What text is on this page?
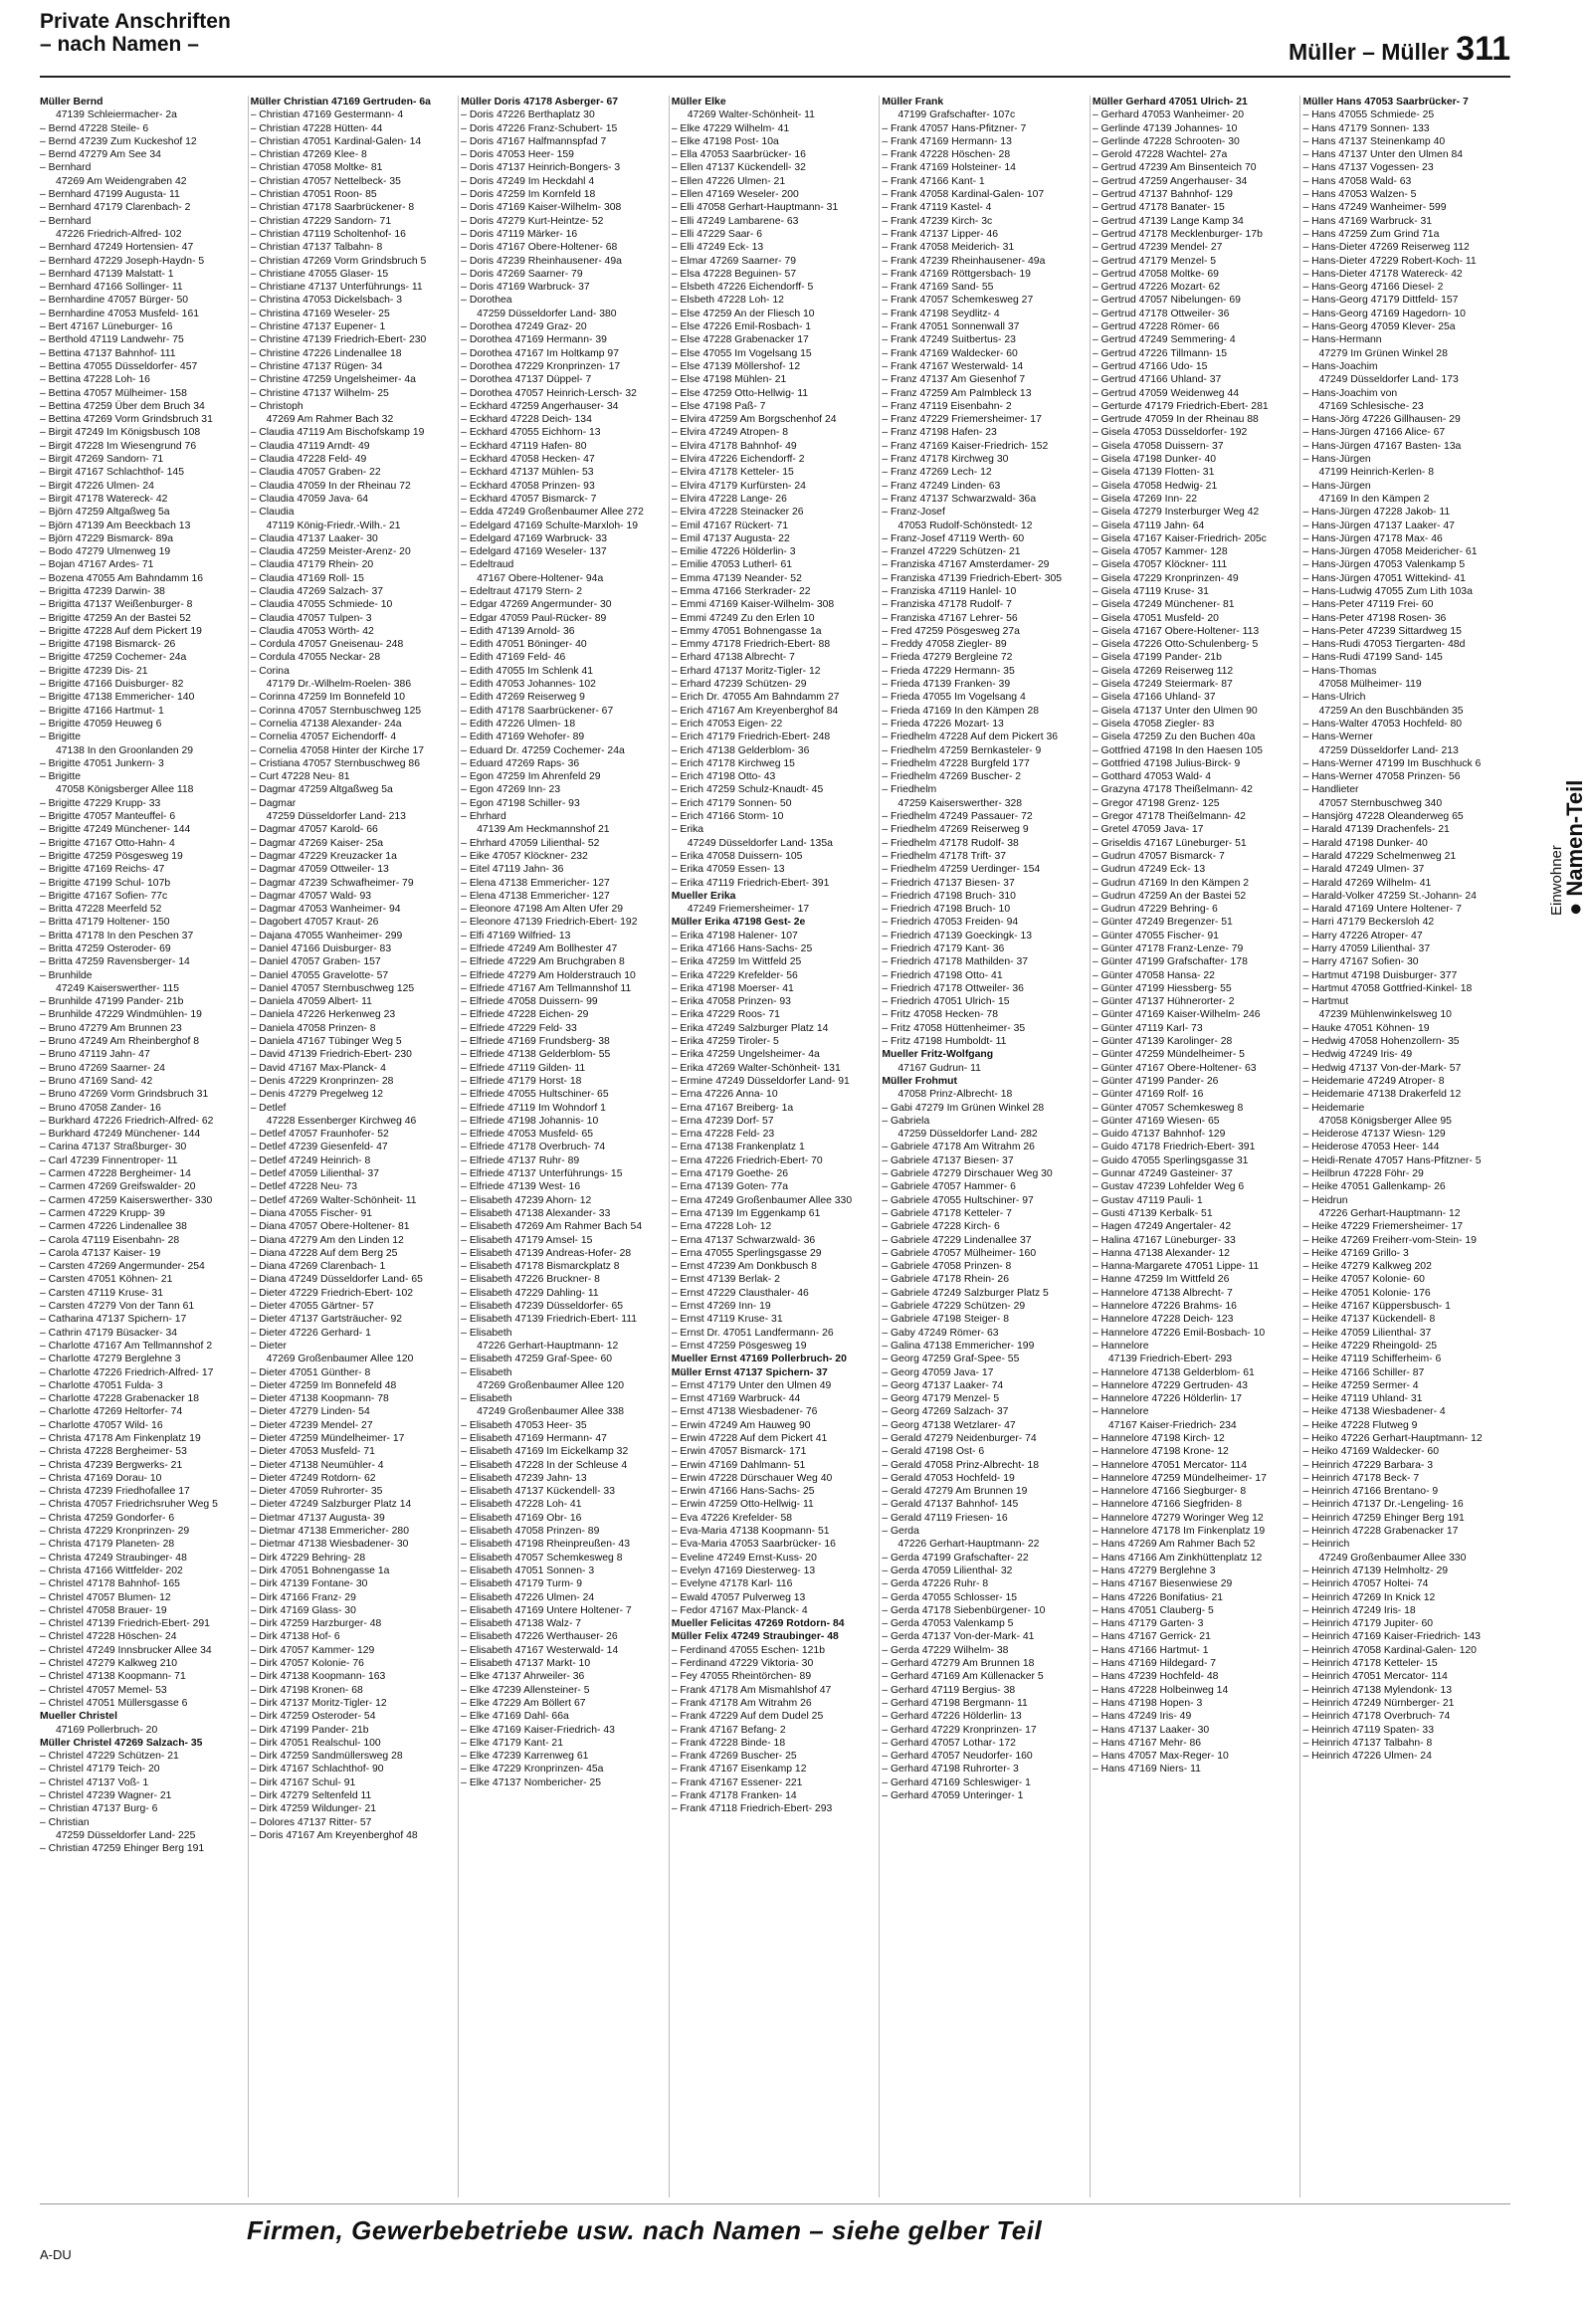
Private Anschriften
– nach Namen –	Müller – Müller 311
Müller Bernd
47139 Schleiermacher- 2a
– Bernd 47228 Steile- 6
– Bernd 47239 Zum Kuckeshof 12
– Bernd 47279 Am See 34
– Bernhard
47269 Am Weidengraben 42
– Bernhard 47199 Augusta- 11
– Bernhard 47179 Clarenbach- 2
– Bernhard
47226 Friedrich-Alfred- 102
– Bernhard 47249 Hortensien- 47
– Bernhard 47229 Joseph-Haydn- 5
– Bernhard 47139 Malstatt- 1
– Bernhard 47166 Sollinger- 11
– Bernhardine 47057 Bürger- 50
– Bernhardine 47053 Musfeld- 161
– Bert 47167 Lüneburger- 16
– Berthold 47119 Landwehr- 75
– Bettina 47137 Bahnhof- 111
– Bettina 47055 Düsseldorfer- 457
– Bettina 47228 Loh- 16
– Bettina 47057 Mülheimer- 158
– Bettina 47259 Über dem Bruch 34
– Bettina 47269 Vorm Grindsbruch 31
– Birgit 47249 Im Königsbusch 108
– Birgit 47228 Im Wiesengrund 76
– Birgit 47269 Sandorn- 71
– Birgit 47167 Schlachthof- 145
– Birgit 47226 Ulmen- 24
– Birgit 47178 Watereck- 42
– Björn 47259 Altgaßweg 5a
– Björn 47139 Am Beeckbach 13
– Björn 47229 Bismarck- 89a
– Bodo 47279 Ulmenweg 19
– Bojan 47167 Ardes- 71
– Bozena 47055 Am Bahndamm 16
– Brigitta 47239 Darwin- 38
– Brigitta 47137 Weißenburger- 8
– Brigitte 47259 An der Bastei 52
– Brigitte 47228 Auf dem Pickert 19
– Brigitte 47198 Bismarck- 26
– Brigitte 47259 Cochemer- 24a
– Brigitte 47239 Dis- 21
– Brigitte 47166 Duisburger- 82
– Brigitte 47138 Emmericher- 140
– Brigitte 47166 Hartmut- 1
– Brigitte 47059 Heuweg 6
– Brigitte
47138 In den Groonlanden 29
– Brigitte 47051 Junkern- 3
– Brigitte
47058 Königsberger Allee 118
– Brigitte 47229 Krupp- 33
– Brigitte 47057 Manteuffel- 6
– Brigitte 47249 Münchener- 144
– Brigitte 47167 Otto-Hahn- 4
– Brigitte 47259 Pösgesweg 19
– Brigitte 47169 Reichs- 47
– Brigitte 47199 Schul- 107b
– Brigitte 47167 Sofien- 77c
– Britta 47228 Meerfeld 52
– Britta 47179 Holtener- 150
– Britta 47178 In den Peschen 37
– Britta 47259 Osteroder- 69
– Britta 47259 Ravensberger- 14
– Brunhilde
47249 Kaiserswerther- 115
– Brunhilde 47199 Pander- 21b
– Brunhilde 47229 Windmühlen- 19
– Bruno 47279 Am Brunnen 23
– Bruno 47249 Am Rheinberghof 8
– Bruno 47119 Jahn- 47
– Bruno 47269 Saarner- 24
– Bruno 47169 Sand- 42
– Bruno 47269 Vorm Grindsbruch 31
– Bruno 47058 Zander- 16
– Burkhard 47226 Friedrich-Alfred- 62
– Burkhard 47249 Münchener- 144
– Carina 47137 Straßburger- 30
– Carl 47239 Finnentroper- 11
– Carmen 47228 Bergheimer- 14
– Carmen 47269 Greifswalder- 20
– Carmen 47259 Kaiserswerther- 330
– Carmen 47229 Krupp- 39
– Carmen 47226 Lindenallee 38
– Carola 47119 Eisenbahn- 28
– Carola 47137 Kaiser- 19
– Carsten 47269 Angermunder- 254
– Carsten 47051 Köhnen- 21
– Carsten 47119 Kruse- 31
– Carsten 47279 Von der Tann 61
– Catharina 47137 Spichern- 17
– Cathrin 47179 Büsacker- 34
– Charlotte 47167 Am Tellmannshof 2
– Charlotte 47279 Berglehne 3
– Charlotte 47226 Friedrich-Alfred- 17
– Charlotte 47051 Fulda- 3
– Charlotte 47228 Grabenacker 18
– Charlotte 47269 Heltorfer- 74
– Charlotte 47057 Wild- 16
– Christa 47178 Am Finkenplatz 19
– Christa 47228 Bergheimer- 53
– Christa 47239 Bergwerks- 21
– Christa 47169 Dorau- 10
– Christa 47239 Friedhofallee 17
– Christa 47057 Friedrichsruher Weg 5
– Christa 47259 Gondorfer- 6
– Christa 47229 Kronprinzen- 29
– Christa 47179 Planeten- 28
– Christa 47249 Straubinger- 48
– Christa 47166 Wittfelder- 202
– Christel 47178 Bahnhof- 165
– Christel 47057 Blumen- 12
– Christel 47058 Brauer- 19
– Christel 47139 Friedrich-Ebert- 291
– Christel 47228 Höschen- 24
– Christel 47249 Innsbrucker Allee 34
– Christel 47279 Kalkweg 210
– Christel 47138 Koopmann- 71
– Christel 47057 Memel- 53
– Christel 47051 Müllersgasse 6
Mueller Christel
47169 Pollerbruch- 20
Müller Christel 47269 Salzach- 35
– Christel 47229 Schützen- 21
– Christel 47179 Teich- 20
– Christel 47137 Voß- 1
– Christel 47239 Wagner- 21
– Christian 47137 Burg- 6
– Christian
47259 Düsseldorfer Land- 225
– Christian 47259 Ehinger Berg 191
Müller Christian 47169 Gertruden- 6a
– Christian 47169 Gestermann- 4
– Christian 47228 Hütten- 44
– Christian 47051 Kardinal-Galen- 14
– Christian 47269 Klee- 8
– Christian 47058 Moltke- 81
– Christian 47057 Nettelbeck- 35
– Christian 47051 Roon- 85
– Christian 47178 Saarbrückener- 8
– Christian 47229 Sandorn- 71
– Christian 47119 Scholtenhof- 16
– Christian 47137 Talbahn- 8
– Christian 47269 Vorm Grindsbruch 5
– Christiane 47055 Glaser- 15
– Christiane 47137 Unterführungs- 11
– Christina 47053 Dickelsbach- 3
– Christina 47169 Weseler- 25
– Christine 47137 Eupener- 1
– Christine 47139 Friedrich-Ebert- 230
– Christine 47226 Lindenallee 18
– Christine 47137 Rügen- 34
– Christine 47259 Ungelsheimer- 4a
– Christine 47137 Wilhelm- 25
– Christoph
47269 Am Rahmer Bach 32
– Claudia 47119 Am Bischofskamp 19
– Claudia 47119 Arndt- 49
– Claudia 47228 Feld- 49
– Claudia 47057 Graben- 22
– Claudia 47059 In der Rheinau 72
– Claudia 47059 Java- 64
– Claudia
47119 König-Friedr.-Wilh.- 21
– Claudia 47137 Laaker- 30
– Claudia 47259 Meister-Arenz- 20
– Claudia 47179 Rhein- 20
– Claudia 47169 Roll- 15
– Claudia 47269 Salzach- 37
– Claudia 47055 Schmiede- 10
– Claudia 47057 Tulpen- 3
– Claudia 47053 Wörth- 42
– Cordula 47057 Gneisenau- 248
– Cordula 47055 Neckar- 28
– Corina
47179 Dr.-Wilhelm-Roelen- 386
– Corinna 47259 Im Bonnefeld 10
– Corinna 47057 Sternbuschweg 125
– Cornelia 47138 Alexander- 24a
– Cornelia 47057 Eichendorff- 4
– Cornelia 47058 Hinter der Kirche 17
– Cristiana 47057 Sternbuschweg 86
– Curt 47228 Neu- 81
– Dagmar 47259 Altgaßweg 5a
– Dagmar
47259 Düsseldorfer Land- 213
– Dagmar 47057 Karold- 66
– Dagmar 47269 Kaiser- 25a
– Dagmar 47229 Kreuzacker 1a
– Dagmar 47059 Ottweiler- 13
– Dagmar 47239 Schwafheimer- 79
– Dagmar 47057 Wald- 93
– Dagmar 47053 Wanheimer- 94
– Dagobert 47057 Kraut- 26
– Dajana 47055 Wanheimer- 299
– Daniel 47166 Duisburger- 83
– Daniel 47057 Graben- 157
– Daniel 47055 Gravelotte- 57
– Daniel 47057 Sternbuschweg 125
– Daniela 47059 Albert- 11
– Daniela 47226 Herkenweg 23
– Daniela 47058 Prinzen- 8
– Daniela 47167 Tübinger Weg 5
– David 47139 Friedrich-Ebert- 230
– David 47167 Max-Planck- 4
– Denis 47229 Kronprinzen- 28
– Denis 47279 Pregelweg 12
– Detlef
47228 Essenberger Kirchweg 46
– Detlef 47057 Fraunhofer- 52
– Detlef 47239 Giesenfeld- 47
– Detlef 47249 Heinrich- 8
– Detlef 47059 Lilienthal- 37
– Detlef 47228 Neu- 73
– Detlef 47269 Walter-Schönheit- 11
– Diana 47055 Fischer- 91
– Diana 47057 Obere-Holtener- 81
– Diana 47279 Am den Linden 12
– Diana 47228 Auf dem Berg 25
– Diana 47269 Clarenbach- 1
– Diana 47249 Düsseldorfer Land- 65
– Dieter 47229 Friedrich-Ebert- 102
– Dieter 47055 Gärtner- 57
– Dieter 47137 Gartsträucher- 92
– Dieter 47226 Gerhard- 1
– Dieter
47269 Großenbaumer Allee 120
– Dieter 47051 Günther- 8
– Dieter 47259 Im Bonnefeld 48
– Dieter 47138 Koopmann- 78
– Dieter 47279 Linden- 54
– Dieter 47239 Mendel- 27
– Dieter 47259 Mündelheimer- 17
– Dieter 47053 Musfeld- 71
– Dieter 47138 Neumühler- 4
– Dieter 47249 Rotdorn- 62
– Dieter 47059 Ruhrorter- 35
– Dieter 47249 Salzburger Platz 14
– Dietmar 47137 Augusta- 39
– Dietmar 47138 Emmericher- 280
– Dietmar 47138 Wiesbadener- 30
– Dirk 47229 Behring- 28
– Dirk 47051 Bohnengasse 1a
– Dirk 47139 Fontane- 30
– Dirk 47166 Franz- 29
– Dirk 47169 Glass- 30
– Dirk 47259 Harzburger- 48
– Dirk 47138 Hof- 6
– Dirk 47057 Kammer- 129
– Dirk 47057 Kolonie- 76
– Dirk 47138 Koopmann- 163
– Dirk 47198 Kronen- 68
– Dirk 47137 Moritz-Tigler- 12
– Dirk 47259 Osteroder- 54
– Dirk 47199 Pander- 21b
– Dirk 47051 Realschul- 100
– Dirk 47259 Sandmüllersweg 28
– Dirk 47167 Schlachthof- 90
– Dirk 47167 Schul- 91
– Dirk 47279 Seltenfeld 11
– Dirk 47259 Wildunger- 21
– Dolores 47137 Ritter- 57
– Doris 47167 Am Kreyenberghof 48
Müller Doris 47178 Asberger- 67
– Doris 47226 Berthaplatz 30
– Doris 47226 Franz-Schubert- 15
– Doris 47167 Halfmannspfad 7
– Doris 47053 Heer- 159
– Doris 47137 Heinrich-Bongers- 3
– Doris 47249 Im Heckdahl 4
– Doris 47259 Im Kornfeld 18
– Doris 47169 Kaiser-Wilhelm- 308
– Doris 47279 Kurt-Heintze- 52
– Doris 47119 Märker- 16
– Doris 47167 Obere-Holtener- 68
– Doris 47239 Rheinhausener- 49a
– Doris 47269 Saarner- 79
– Doris 47169 Warbruck- 37
– Dorothea
47259 Düsseldorfer Land- 380
– Dorothea 47249 Graz- 20
– Dorothea 47169 Hermann- 39
– Dorothea 47167 Im Holtkamp 97
– Dorothea 47229 Kronprinzen- 17
– Dorothea 47137 Düppel- 7
– Dorothea 47057 Heinrich-Lersch- 32
– Eckhard 47259 Angerhauser- 34
– Eckhard 47228 Deich- 134
– Eckhard 47055 Eichhorn- 13
– Eckhard 47119 Hafen- 80
– Eckhard 47058 Hecken- 47
– Eckhard 47137 Mühlen- 53
– Eckhard 47058 Prinzen- 93
– Eckhard 47057 Bismarck- 7
– Edda 47249 Großenbaumer Allee 272
– Edelgard 47169 Schulte-Marxloh- 19
– Edelgard 47169 Warbruck- 33
– Edelgard 47169 Weseler- 137
– Edeltraud
47167 Obere-Holtener- 94a
– Edeltraut 47179 Stern- 2
– Edgar 47269 Angermunder- 30
– Edgar 47059 Paul-Rücker- 89
– Edith 47139 Arnold- 36
– Edith 47051 Böninger- 40
– Edith 47169 Feld- 46
– Edith 47055 Im Schlenk 41
– Edith 47053 Johannes- 102
– Edith 47269 Reiserweg 9
– Edith 47178 Saarbrückener- 67
– Edith 47226 Ulmen- 18
– Edith 47169 Wehofer- 89
– Eduard Dr. 47259 Cochemer- 24a
– Eduard 47269 Raps- 36
– Egon 47259 Im Ahrenfeld 29
– Egon 47269 Inn- 23
– Egon 47198 Schiller- 93
– Ehrhard
47139 Am Heckmannshof 21
– Ehrhard 47059 Lilienthal- 52
– Eike 47057 Klöckner- 232
– Eitel 47119 Jahn- 36
– Elena 47138 Emmericher- 127
– Elena 47138 Emmericher- 127
– Eleonore 47198 Am Alten Ufer 29
– Eleonore 47139 Friedrich-Ebert- 192
– Elfi 47169 Wilfried- 13
– Elfriede 47249 Am Bollhester 47
– Elfriede 47229 Am Bruchgraben 8
– Elfriede 47279 Am Holderstrauch 10
– Elfriede 47167 Am Tellmannshof 11
– Elfriede 47058 Duissern- 99
– Elfriede 47228 Eichen- 29
– Elfriede 47229 Feld- 33
– Elfriede 47169 Frundsberg- 38
– Elfriede 47138 Gelderblom- 55
– Elfriede 47119 Gilden- 11
– Elfriede 47179 Horst- 18
– Elfriede 47055 Hultschiner- 65
– Elfriede 47119 Im Wohndorf 1
– Elfriede 47198 Johannis- 10
– Elfriede 47053 Musfeld- 65
– Elfriede 47178 Overbruch- 74
– Elfriede 47137 Ruhr- 89
– Elfriede 47137 Unterführungs- 15
– Elfriede 47139 West- 16
– Elisabeth 47239 Ahorn- 12
– Elisabeth 47138 Alexander- 33
– Elisabeth 47269 Am Rahmer Bach 54
– Elisabeth 47179 Amsel- 15
– Elisabeth 47139 Andreas-Hofer- 28
– Elisabeth 47178 Bismarckplatz 8
– Elisabeth 47226 Bruckner- 8
– Elisabeth 47229 Dahling- 11
– Elisabeth 47239 Düsseldorfer- 65
– Elisabeth 47139 Friedrich-Ebert- 111
– Elisabeth
47226 Gerhart-Hauptmann- 12
– Elisabeth 47259 Graf-Spee- 60
– Elisabeth
47269 Großenbaumer Allee 120
– Elisabeth
47249 Großenbaumer Allee 338
– Elisabeth 47053 Heer- 35
– Elisabeth 47169 Hermann- 47
– Elisabeth 47169 Im Eickelkamp 32
– Elisabeth 47228 In der Schleuse 4
– Elisabeth 47239 Jahn- 13
– Elisabeth 47137 Kückendell- 33
– Elisabeth 47228 Loh- 41
– Elisabeth 47169 Obr- 16
– Elisabeth 47058 Prinzen- 89
– Elisabeth 47198 Rheinpreußen- 43
– Elisabeth 47057 Schemkesweg 8
– Elisabeth 47051 Sonnen- 3
– Elisabeth 47179 Turm- 9
– Elisabeth 47226 Ulmen- 24
– Elisabeth 47169 Untere Holtener- 7
– Elisabeth 47138 Walz- 7
– Elisabeth 47226 Werthauser- 26
– Elisabeth 47167 Westerwald- 14
– Elisabeth 47137 Markt- 10
– Elke 47137 Ahrweiler- 36
– Elke 47239 Allensteiner- 5
– Elke 47229 Am Böllert 67
– Elke 47169 Dahl- 66a
– Elke 47169 Kaiser-Friedrich- 43
– Elke 47179 Kant- 21
– Elke 47239 Karrenweg 61
– Elke 47229 Kronprinzen- 45a
– Elke 47137 Nombericher- 25
Müller Elke
47269 Walter-Schönheit- 11
– Elke 47229 Wilhelm- 41
– Elke 47198 Post- 10a
– Ella 47053 Saarbrücker- 16
– Ellen 47137 Kückendell- 32
– Ellen 47226 Ulmen- 21
– Ellen 47169 Weseler- 200
– Elli 47058 Gerhart-Hauptmann- 31
– Elli 47249 Lambarene- 63
– Elli 47229 Saar- 6
– Elli 47249 Eck- 13
– Elmar 47269 Saarner- 79
– Elsa 47228 Beguinen- 57
– Elsbeth 47226 Eichendorff- 5
– Elsbeth 47228 Loh- 12
– Else 47259 An der Fliesch 10
– Else 47226 Emil-Rosbach- 1
– Else 47228 Grabenacker 17
– Else 47055 Im Vogelsang 15
– Else 47139 Möllershof- 12
– Else 47198 Mühlen- 21
– Else 47259 Otto-Hellwig- 11
– Else 47198 Paß- 7
– Elvira 47259 Am Borgschenhof 24
– Elvira 47249 Atropen- 8
– Elvira 47178 Bahnhof- 49
– Elvira 47226 Eichendorff- 2
– Elvira 47178 Ketteler- 15
– Elvira 47179 Kurfürsten- 24
– Elvira 47228 Lange- 26
– Elvira 47228 Steinacker 26
– Emil 47167 Rückert- 71
– Emil 47137 Augusta- 22
– Emilie 47226 Hölderlin- 3
– Emilie 47053 Lutherl- 61
– Emma 47139 Neander- 52
– Emma 47166 Sterkrader- 22
– Emmi 47169 Kaiser-Wilhelm- 308
– Emmi 47249 Zu den Erlen 10
– Emmy 47051 Bohnengasse 1a
– Emmy 47178 Friedrich-Ebert- 88
– Erhard 47138 Albrecht- 7
– Erhard 47137 Moritz-Tigler- 12
– Erhard 47239 Schützen- 29
– Erich Dr. 47055 Am Bahndamm 27
– Erich 47167 Am Kreyenberghof 84
– Erich 47053 Eigen- 22
– Erich 47179 Friedrich-Ebert- 248
– Erich 47138 Gelderblom- 36
– Erich 47178 Kirchweg 15
– Erich 47198 Otto- 43
– Erich 47259 Schulz-Knaudt- 45
– Erich 47179 Sonnen- 50
– Erich 47166 Storm- 10
– Erika
47249 Düsseldorfer Land- 135a
– Erika 47058 Duissern- 105
– Erika 47059 Essen- 13
– Erika 47119 Friedrich-Ebert- 391
Mueller Erika
47249 Friemersheimer- 17
Müller Erika 47198 Gest- 2e
– Erika 47198 Halener- 107
– Erika 47166 Hans-Sachs- 25
– Erika 47259 Im Wittfeld 25
– Erika 47229 Krefelder- 56
– Erika 47198 Moerser- 41
– Erika 47058 Prinzen- 93
– Erika 47229 Roos- 71
– Erika 47249 Salzburger Platz 14
– Erika 47259 Tiroler- 5
– Erika 47259 Ungelsheimer- 4a
– Erika 47269 Walter-Schönheit- 131
– Ermine 47249 Düsseldorfer Land- 91
– Erna 47226 Anna- 10
– Erna 47167 Breiberg- 1a
– Erna 47239 Dorf- 57
– Erna 47228 Feld- 23
– Erna 47138 Frankenplatz 1
– Erna 47226 Friedrich-Ebert- 70
– Erna 47179 Goethe- 26
– Erna 47139 Goten- 77a
– Erna 47249 Großenbaumer Allee 330
– Erna 47139 Im Eggenkamp 61
– Erna 47228 Loh- 12
– Erna 47137 Schwarzwald- 36
– Erna 47055 Sperlingsgasse 29
– Ernst 47239 Am Donkbusch 8
– Ernst 47139 Berlak- 2
– Ernst 47229 Clausthaler- 46
– Ernst 47269 Inn- 19
– Ernst 47119 Kruse- 31
– Ernst Dr. 47051 Landfermann- 26
– Ernst 47259 Pösgesweg 19
Mueller Ernst 47169 Pollerbruch- 20
Müller Ernst 47137 Spichern- 37
– Ernst 47179 Unter den Ulmen 49
– Ernst 47169 Warbruck- 44
– Ernst 47138 Wiesbadener- 76
– Erwin 47249 Am Hauweg 90
– Erwin 47228 Auf dem Pickert 41
– Erwin 47057 Bismarck- 171
– Erwin 47169 Dahlmann- 51
– Erwin 47228 Dürschauer Weg 40
– Erwin 47166 Hans-Sachs- 25
– Erwin 47259 Otto-Hellwig- 11
– Eva 47226 Krefelder- 58
– Eva-Maria 47138 Koopmann- 51
– Eva-Maria 47053 Saarbrücker- 16
– Eveline 47249 Ernst-Kuss- 20
– Evelyn 47169 Diesterweg- 13
– Evelyne 47178 Karl- 116
– Ewald 47057 Pulverweg 13
– Fedor 47167 Max-Planck- 4
Mueller Felicitas 47269 Rotdorn- 84
Müller Felix 47249 Straubinger- 48
– Ferdinand 47055 Eschen- 121b
– Ferdinand 47229 Viktoria- 30
– Fey 47055 Rheintörchen- 89
– Frank 47178 Am Mismahlshof 47
– Frank 47178 Am Witrahm 26
– Frank 47229 Auf dem Dudel 25
– Frank 47167 Befang- 2
– Frank 47228 Binde- 18
– Frank 47269 Buscher- 25
– Frank 47167 Eisenkamp 12
– Frank 47167 Essener- 221
– Frank 47178 Franken- 14
– Frank 47118 Friedrich-Ebert- 293
Müller Frank
47199 Grafschafter- 107c
– Frank 47057 Hans-Pfitzner- 7
– Frank 47169 Hermann- 13
– Frank 47228 Höschen- 28
– Frank 47169 Holsteiner- 14
– Frank 47166 Kant- 1
– Frank 47058 Kardinal-Galen- 107
– Frank 47119 Kastel- 4
– Frank 47239 Kirch- 3c
– Frank 47137 Lipper- 46
– Frank 47058 Meiderich- 31
– Frank 47239 Rheinhausener- 49a
– Frank 47169 Röttgersbach- 19
– Frank 47169 Sand- 55
– Frank 47057 Schemkesweg 27
– Frank 47198 Seydlitz- 4
– Frank 47051 Sonnenwall 37
– Frank 47249 Suitbertus- 23
– Frank 47169 Waldecker- 60
– Frank 47167 Westerwald- 14
– Franz 47137 Am Giesenhof 7
– Franz 47259 Am Palmbleck 13
– Franz 47119 Eisenbahn- 2
– Franz 47229 Friemersheimer- 17
– Franz 47198 Hafen- 23
– Franz 47169 Kaiser-Friedrich- 152
– Franz 47178 Kirchweg 30
– Franz 47269 Lech- 12
– Franz 47249 Linden- 63
– Franz 47137 Schwarzwald- 36a
– Franz-Josef
47053 Rudolf-Schönstedt- 12
– Franz-Josef 47119 Werth- 60
– Franzel 47229 Schützen- 21
– Franziska 47167 Amsterdamer- 29
– Franziska 47139 Friedrich-Ebert- 305
– Franziska 47119 Hanlel- 10
– Franziska 47178 Rudolf- 7
– Franziska 47167 Lehrer- 56
– Fred 47259 Pösgesweg 27a
– Freddy 47058 Ziegler- 89
– Frieda 47279 Bergleine 72
– Frieda 47229 Hermann- 35
– Frieda 47139 Franken- 39
– Frieda 47055 Im Vogelsang 4
– Frieda 47169 In den Kämpen 28
– Frieda 47226 Mozart- 13
– Friedhelm 47228 Auf dem Pickert 36
– Friedhelm 47259 Bernkasteler- 9
– Friedhelm 47228 Burgfeld 177
– Friedhelm 47269 Buscher- 2
– Friedhelm
47259 Kaiserswerther- 328
– Friedhelm 47249 Passauer- 72
– Friedhelm 47269 Reiserweg 9
– Friedhelm 47178 Rudolf- 38
– Friedhelm 47178 Trift- 37
– Friedhelm 47259 Uerdinger- 154
– Friedrich 47137 Biesen- 37
– Friedrich 47198 Bruch- 310
– Friedrich 47198 Bruch- 10
– Friedrich 47053 Freiden- 94
– Friedrich 47139 Goeckingk- 13
– Friedrich 47179 Kant- 36
– Friedrich 47178 Mathilden- 37
– Friedrich 47198 Otto- 41
– Friedrich 47178 Ottweiler- 36
– Friedrich 47051 Ulrich- 15
– Fritz 47058 Hecken- 78
– Fritz 47058 Hüttenheimer- 35
– Fritz 47198 Humboldt- 11
Mueller Fritz-Wolfgang
47167 Gudrun- 11
Müller Frohmut
47058 Prinz-Albrecht- 18
– Gabi 47279 Im Grünen Winkel 28
– Gabriela
47259 Düsseldorfer Land- 282
– Gabriele 47178 Am Witrahm 26
– Gabriele 47137 Biesen- 37
– Gabriele 47279 Dirschauer Weg 30
– Gabriele 47057 Hammer- 6
– Gabriele 47055 Hultschiner- 97
– Gabriele 47178 Ketteler- 7
– Gabriele 47228 Kirch- 6
– Gabriele 47229 Lindenallee 37
– Gabriele 47057 Mülheimer- 160
– Gabriele 47058 Prinzen- 8
– Gabriele 47178 Rhein- 26
– Gabriele 47249 Salzburger Platz 5
– Gabriele 47229 Schützen- 29
– Gabriele 47198 Steiger- 8
– Gaby 47249 Römer- 63
– Galina 47138 Emmericher- 199
– Georg 47259 Graf-Spee- 55
– Georg 47059 Java- 17
– Georg 47137 Laaker- 74
– Georg 47179 Menzel- 5
– Georg 47269 Salzach- 37
– Georg 47138 Wetzlarer- 47
– Gerald 47279 Neidenburger- 74
– Gerald 47198 Ost- 6
– Gerald 47058 Prinz-Albrecht- 18
– Gerald 47053 Hochfeld- 19
– Gerald 47279 Am Brunnen 19
– Gerald 47137 Bahnhof- 145
– Gerald 47119 Friesen- 16
– Gerda
47226 Gerhart-Hauptmann- 22
– Gerda 47199 Grafschafter- 22
– Gerda 47059 Lilienthal- 32
– Gerda 47226 Ruhr- 8
– Gerda 47055 Schlosser- 15
– Gerda 47178 Siebenbürgener- 10
– Gerda 47053 Valenkamp 5
– Gerda 47137 Von-der-Mark- 41
– Gerda 47229 Wilhelm- 38
– Gerhard 47279 Am Brunnen 18
– Gerhard 47169 Am Küllenacker 5
– Gerhard 47119 Bergius- 38
– Gerhard 47198 Bergmann- 11
– Gerhard 47226 Hölderlin- 13
– Gerhard 47229 Kronprinzen- 17
– Gerhard 47057 Lothar- 172
– Gerhard 47057 Neudorfer- 160
– Gerhard 47198 Ruhrorter- 3
– Gerhard 47169 Schleswiger- 1
– Gerhard 47059 Unteringer- 1
Müller Gerhard 47051 Ulrich- 21
– Gerhard 47053 Wanheimer- 20
– Gerlinde 47139 Johannes- 10
– Gerlinde 47228 Schrooten- 30
– Gerold 47228 Wachtel- 27a
– Gertrud 47239 Am Binsenteich 70
– Gertrud 47259 Angerhauser- 34
– Gertrud 47137 Bahnhof- 129
– Gertrud 47178 Banater- 15
– Gertrud 47139 Lange Kamp 34
– Gertrud 47178 Mecklenburger- 17b
– Gertrud 47239 Mendel- 27
– Gertrud 47179 Menzel- 5
– Gertrud 47058 Moltke- 69
– Gertrud 47226 Mozart- 62
– Gertrud 47057 Nibelungen- 69
– Gertrud 47178 Ottweiler- 36
– Gertrud 47228 Römer- 66
– Gertrud 47249 Semmering- 4
– Gertrud 47226 Tillmann- 15
– Gertrud 47166 Udo- 15
– Gertrud 47166 Uhland- 37
– Gertrud 47059 Weidenweg 44
– Gerturde 47179 Friedrich-Ebert- 281
– Gertrude 47059 In der Rheinau 88
– Gisela 47053 Düsseldorfer- 192
– Gisela 47058 Duissern- 37
– Gisela 47198 Dunker- 40
– Gisela 47139 Flotten- 31
– Gisela 47058 Hedwig- 21
– Gisela 47269 Inn- 22
– Gisela 47279 Insterburger Weg 42
– Gisela 47119 Jahn- 64
– Gisela 47167 Kaiser-Friedrich- 205c
– Gisela 47057 Kammer- 128
– Gisela 47057 Klöckner- 111
– Gisela 47229 Kronprinzen- 49
– Gisela 47119 Kruse- 31
– Gisela 47249 Münchener- 81
– Gisela 47051 Musfeld- 20
– Gisela 47167 Obere-Holtener- 113
– Gisela 47226 Otto-Schulenberg- 5
– Gisela 47199 Pander- 21b
– Gisela 47269 Reiserweg 112
– Gisela 47249 Steiermark- 87
– Gisela 47166 Uhland- 37
– Gisela 47137 Unter den Ulmen 90
– Gisela 47058 Ziegler- 83
– Gisela 47259 Zu den Buchen 40a
– Gottfried 47198 In den Haesen 105
– Gottfried 47198 Julius-Birck- 9
– Gotthard 47053 Wald- 4
– Grazyna 47178 Theißelmann- 42
– Gregor 47198 Grenz- 125
– Gregor 47178 Theißelmann- 42
– Gretel 47059 Java- 17
– Griseldis 47167 Lüneburger- 51
– Gudrun 47057 Bismarck- 7
– Gudrun 47249 Eck- 13
– Gudrun 47169 In den Kämpen 2
– Gudrun 47259 An der Bastei 52
– Gudrun 47229 Behring- 6
– Günter 47249 Bregenzer- 51
– Günter 47055 Fischer- 91
– Günter 47178 Franz-Lenze- 79
– Günter 47199 Grafschafter- 178
– Günter 47058 Hansa- 22
– Günter 47199 Hiessberg- 55
– Günter 47137 Hühnerorter- 2
– Günter 47169 Kaiser-Wilhelm- 246
– Günter 47119 Karl- 73
– Günter 47139 Karolinger- 28
– Günter 47259 Mündelheimer- 5
– Günter 47167 Obere-Holtener- 63
– Günter 47199 Pander- 26
– Günter 47169 Rolf- 16
– Günter 47057 Schemkesweg 8
– Günter 47169 Wiesen- 65
– Guido 47137 Bahnhof- 129
– Guido 47178 Friedrich-Ebert- 391
– Guido 47055 Sperlingsgasse 31
– Gunnar 47249 Gasteiner- 37
– Gustav 47239 Lohfelder Weg 6
– Gustav 47119 Pauli- 1
– Gusti 47139 Kerbalk- 51
– Hagen 47249 Angertaler- 42
– Halina 47167 Lüneburger- 33
– Hanna 47138 Alexander- 12
– Hanna-Margarete 47051 Lippe- 11
– Hanne 47259 Im Wittfeld 26
– Hannelore 47138 Albrecht- 7
– Hannelore 47226 Brahms- 16
– Hannelore 47228 Deich- 123
– Hannelore 47226 Emil-Bosbach- 10
– Hannelore
47139 Friedrich-Ebert- 293
– Hannelore 47138 Gelderblom- 61
– Hannelore 47229 Gertruden- 43
– Hannelore 47226 Hölderlin- 17
– Hannelore
47167 Kaiser-Friedrich- 234
– Hannelore 47198 Kirch- 12
– Hannelore 47198 Krone- 12
– Hannelore 47051 Mercator- 114
– Hannelore 47259 Mündelheimer- 17
– Hannelore 47166 Siegburger- 8
– Hannelore 47166 Siegfriden- 8
– Hannelore 47279 Woringer Weg 12
– Hannelore 47178 Im Finkenplatz 19
– Hans 47269 Am Rahmer Bach 52
– Hans 47166 Am Zinkhüttenplatz 12
– Hans 47279 Berglehne 3
– Hans 47167 Biesenwiese 29
– Hans 47226 Bonifatius- 21
– Hans 47051 Clauberg- 5
– Hans 47179 Garten- 3
– Hans 47167 Gerrick- 21
– Hans 47166 Hartmut- 1
– Hans 47169 Hildegard- 7
– Hans 47239 Hochfeld- 48
– Hans 47228 Holbeinweg 14
– Hans 47198 Hopen- 3
– Hans 47249 Iris- 49
– Hans 47137 Laaker- 30
– Hans 47167 Mehr- 86
– Hans 47057 Max-Reger- 10
– Hans 47169 Niers- 11
Müller Hans 47053 Saarbrücker- 7
– Hans 47055 Schmiede- 25
– Hans 47179 Sonnen- 133
– Hans 47137 Steinenkamp 40
– Hans 47137 Unter den Ulmen 84
– Hans 47137 Vogessen- 23
– Hans 47058 Wald- 63
– Hans 47053 Walzen- 5
– Hans 47249 Wanheimer- 599
– Hans 47169 Warbruck- 31
– Hans 47259 Zum Grind 71a
– Hans-Dieter 47269 Reiserweg 112
– Hans-Dieter 47229 Robert-Koch- 11
– Hans-Dieter 47178 Watereck- 42
– Hans-Georg 47166 Diesel- 2
– Hans-Georg 47179 Dittfeld- 157
– Hans-Georg 47169 Hagedorn- 10
– Hans-Georg 47059 Klever- 25a
– Hans-Hermann
47279 Im Grünen Winkel 28
– Hans-Joachim
47249 Düsseldorfer Land- 173
– Hans-Joachim von
47169 Schlesische- 23
– Hans-Jörg 47226 Gillhausen- 29
– Hans-Jürgen 47166 Alice- 67
– Hans-Jürgen 47167 Basten- 13a
– Hans-Jürgen
47199 Heinrich-Kerlen- 8
– Hans-Jürgen
47169 In den Kämpen 2
– Hans-Jürgen 47228 Jakob- 11
– Hans-Jürgen 47137 Laaker- 47
– Hans-Jürgen 47178 Max- 46
– Hans-Jürgen 47058 Meidericher- 61
– Hans-Jürgen 47053 Valenkamp 5
– Hans-Jürgen 47051 Wittekind- 41
– Hans-Ludwig 47055 Zum Lith 103a
– Hans-Peter 47119 Frei- 60
– Hans-Peter 47198 Rosen- 36
– Hans-Peter 47239 Sittardweg 15
– Hans-Rudi 47053 Tiergarten- 48d
– Hans-Rudi 47199 Sand- 145
– Hans-Thomas
47058 Mülheimer- 119
– Hans-Ulrich
47259 An den Buschbänden 35
– Hans-Walter 47053 Hochfeld- 80
– Hans-Werner
47259 Düsseldorfer Land- 213
– Hans-Werner 47199 Im Buschhuck 6
– Hans-Werner 47058 Prinzen- 56
– Handlieter
47057 Sternbuschweg 340
– Hansjörg 47228 Oleanderweg 65
– Harald 47139 Drachenfels- 21
– Harald 47198 Dunker- 40
– Harald 47229 Schelmenweg 21
– Harald 47249 Ulmen- 37
– Harald 47269 Wilhelm- 41
– Harald-Volker 47259 St.-Johann- 24
– Harald 47169 Untere Holtener- 7
– Harri 47179 Beckersloh 42
– Harry 47226 Atroper- 47
– Harry 47059 Lilienthal- 37
– Harry 47167 Sofien- 30
– Hartmut 47198 Duisburger- 377
– Hartmut 47058 Gottfried-Kinkel- 18
– Hartmut
47239 Mühlenwinkelsweg 10
– Hauke 47051 Köhnen- 19
– Hedwig 47058 Hohenzollern- 35
– Hedwig 47249 Iris- 49
– Hedwig 47137 Von-der-Mark- 57
– Heidemarie 47249 Atroper- 8
– Heidemarie 47138 Drakerfeld 12
– Heidemarie
47058 Königsberger Allee 95
– Heiderose 47137 Wiesn- 129
– Heiderose 47053 Heer- 144
– Heidi-Renate 47057 Hans-Pfitzner- 5
– Heilbrun 47228 Föhr- 29
– Heike 47051 Gallenkamp- 26
– Heidrun
47226 Gerhart-Hauptmann- 12
– Heike 47229 Friemersheimer- 17
– Heike 47269 Freiherr-vom-Stein- 19
– Heike 47169 Grillo- 3
– Heike 47279 Kalkweg 202
– Heike 47057 Kolonie- 60
– Heike 47051 Kolonie- 176
– Heike 47167 Küppersbusch- 1
– Heike 47137 Kückendell- 8
– Heike 47059 Lilienthal- 37
– Heike 47229 Rheingold- 25
– Heike 47119 Schifferheim- 6
– Heike 47166 Schiller- 87
– Heike 47259 Sermer- 4
– Heike 47119 Uhland- 31
– Heike 47138 Wiesbadener- 4
– Heike 47228 Flutweg 9
– Heiko 47226 Gerhart-Hauptmann- 12
– Heiko 47169 Waldecker- 60
– Heinrich 47229 Barbara- 3
– Heinrich 47178 Beck- 7
– Heinrich 47166 Brentano- 9
– Heinrich 47137 Dr.-Lengeling- 16
– Heinrich 47259 Ehinger Berg 191
– Heinrich 47228 Grabenacker 17
– Heinrich
47249 Großenbaumer Allee 330
– Heinrich 47139 Helmholtz- 29
– Heinrich 47057 Holtei- 74
– Heinrich 47269 In Knick 12
– Heinrich 47249 Iris- 18
– Heinrich 47179 Jupiter- 60
– Heinrich 47169 Kaiser-Friedrich- 143
– Heinrich 47058 Kardinal-Galen- 120
– Heinrich 47178 Ketteler- 15
– Heinrich 47051 Mercator- 114
– Heinrich 47138 Mylendonk- 13
– Heinrich 47249 Nürnberger- 21
– Heinrich 47178 Overbruch- 74
– Heinrich 47119 Spaten- 33
– Heinrich 47137 Talbahn- 8
– Heinrich 47226 Ulmen- 24
Einwohner
● Namen-Teil
A-DU
Firmen, Gewerbebetriebe usw. nach Namen – siehe gelber Teil
